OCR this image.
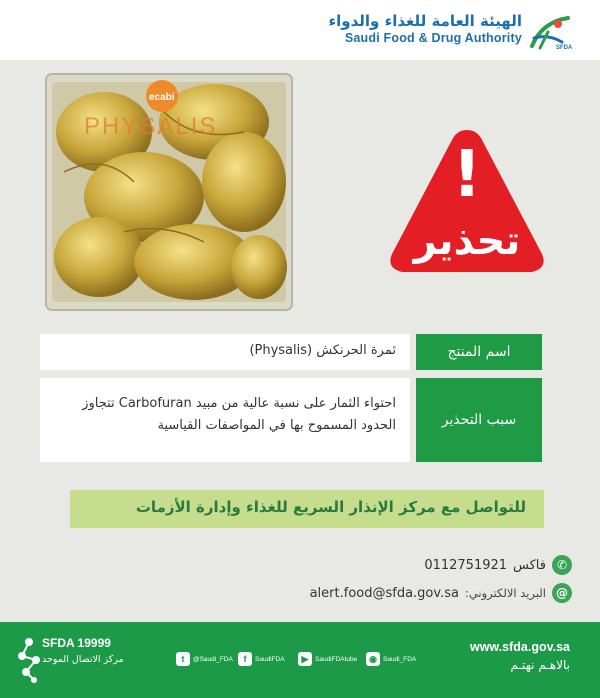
الهيئة العامة للغذاء والدواء
Saudi Food & Drug Authority
SFDA
PHYSALIS
ecabi
!
تحذير
ثمرة الحرنكش (Physalis)	اسم المنتج
احتواء الثمار على نسبة عالية من مبيد Carbofuran تتجاوز
الحدود المسموح بها في المواصفات القياسية	سبب التحذير
للتواصل مع مركز الإنذار السريع للغذاء وإدارة الأزمات
✆
فاكس
0112751921
@
البريد الالكتروني:
alert.food@sfda.gov.sa
SFDA 19999
مركز الاتصال الموحد	t	@Saudi_FDA	f	SaudiFDA	▶	SaudiFDAtube	◉ Saudi_FDA
www.sfda.gov.sa
بالاهـم نهتـم
